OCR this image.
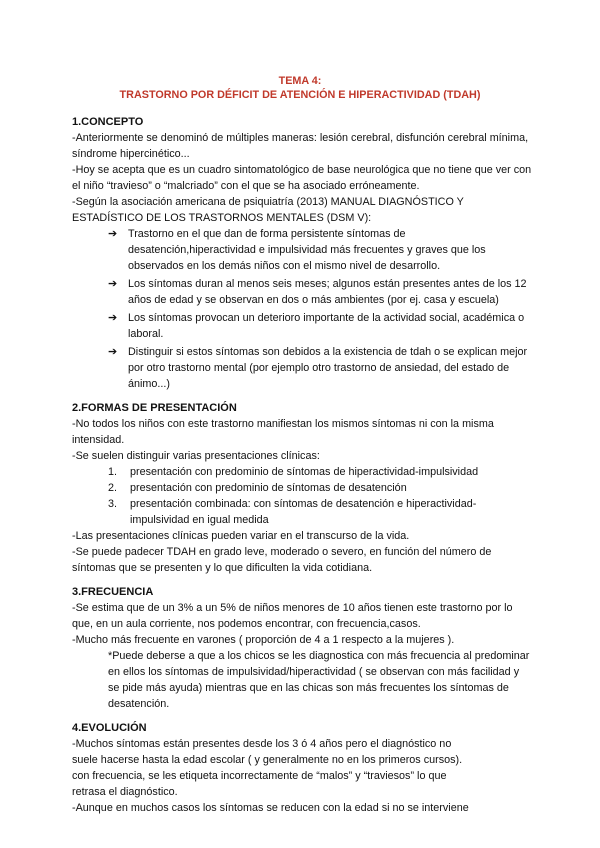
TEMA 4:
TRASTORNO POR DÉFICIT DE ATENCIÓN E HIPERACTIVIDAD (TDAH)
1.CONCEPTO

-Anteriormente se denominó de múltiples maneras: lesión cerebral, disfunción cerebral mínima, síndrome hipercinético...

-Hoy se acepta que es un cuadro sintomatológico de base neurológica que no tiene que ver con el niño “travieso” o “malcriado” con el que se ha asociado erróneamente.

-Según la asociación americana de psiquiatría (2013) MANUAL DIAGNÓSTICO Y ESTADÍSTICO DE LOS TRASTORNOS MENTALES (DSM V):

➔ Trastorno en el que dan de forma persistente síntomas de desatención,hiperactividad e impulsividad más frecuentes y graves que los observados en los demás niños con el mismo nivel de desarrollo.
➔ Los síntomas duran al menos seis meses; algunos están presentes antes de los 12 años de edad y se observan en dos o más ambientes (por ej. casa y escuela)
➔ Los síntomas provocan un deterioro importante de la actividad social, académica o laboral.
➔ Distinguir si estos síntomas son debidos a la existencia de tdah o se explican mejor por otro trastorno mental (por ejemplo otro trastorno de ansiedad, del estado de ánimo...)
2.FORMAS DE PRESENTACIÓN

-No todos los niños con este trastorno manifiestan los mismos síntomas ni con la misma intensidad.

-Se suelen distinguir varias presentaciones clínicas:

1. presentación con predominio de síntomas de hiperactividad-impulsividad
2. presentación con predominio de síntomas de desatención
3. presentación combinada: con síntomas de desatención e hiperactividad-impulsividad en igual medida

-Las presentaciones clínicas pueden variar en el transcurso de la vida.

-Se puede padecer TDAH en grado leve, moderado o severo, en función del número de síntomas que se presenten y lo que dificulten la vida cotidiana.

3.FRECUENCIA

-Se estima que de un 3% a un 5% de niños menores de 10 años tienen este trastorno por lo que, en un aula corriente, nos podemos encontrar, con frecuencia,casos.

-Mucho más frecuente en varones ( proporción de 4 a 1 respecto a la mujeres ).

*Puede deberse a que a los chicos se les diagnostica con más frecuencia al predominar en ellos los síntomas de impulsividad/hiperactividad ( se observan con más facilidad y se pide más ayuda) mientras que en las chicas son más frecuentes los síntomas de desatención.

4.EVOLUCIÓN

-Muchos síntomas están presentes desde los 3 ó 4 años pero el diagnóstico no

suele hacerse hasta la edad escolar ( y generalmente no en los primeros cursos).

con frecuencia, se les etiqueta incorrectamente de “malos” y “traviesos” lo que

retrasa el diagnóstico.

-Aunque en muchos casos los síntomas se reducen con la edad si no se interviene
